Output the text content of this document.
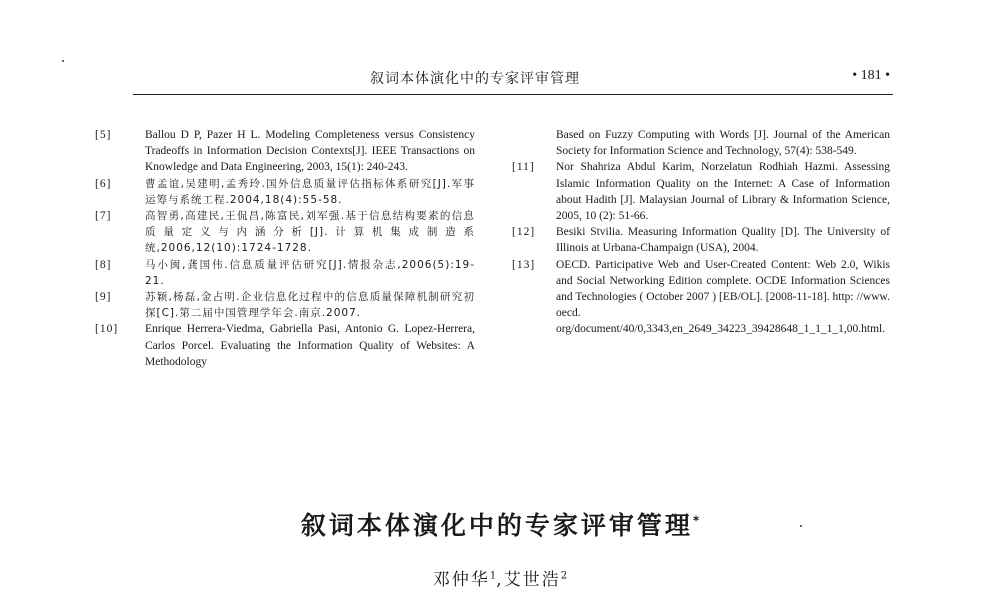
叙词本体演化中的专家评审管理	• 181 •
[5]	Ballou D P, Pazer H L. Modeling Completeness versus Consistency Tradeoffs in Information Decision Contexts[J]. IEEE Transactions on Knowledge and Data Engineering, 2003, 15(1): 240-243.
[6]	曹孟谊,吴建明,孟秀玲.国外信息质量评估指标体系研究[J].军事运筹与系统工程.2004,18(4):55-58.
[7]	高智勇,高建民,王侃昌,陈富民,刘军强.基于信息结构要素的信息质量定义与内涵分析[J].计算机集成制造系统,2006,12(10):1724-1728.
[8]	马小闽,龚国伟.信息质量评估研究[J].情报杂志,2006(5):19-21.
[9]	苏颖,杨磊,金占明.企业信息化过程中的信息质量保障机制研究初探[C].第二届中国管理学年会.南京.2007.
[10]	Enrique Herrera-Viedma, Gabriella Pasi, Antonio G. Lopez-Herrera, Carlos Porcel. Evaluating the Information Quality of Websites: A Methodology
Based on Fuzzy Computing with Words [J]. Journal of the American Society for Information Science and Technology, 57(4): 538-549.
[11]	Nor Shahriza Abdul Karim, Norzelatun Rodhiah Hazmi. Assessing Islamic Information Quality on the Internet: A Case of Information about Hadith [J]. Malaysian Journal of Library & Information Science, 2005, 10 (2): 51-66.
[12]	Besiki Stvilia. Measuring Information Quality [D]. The University of Illinois at Urbana-Champaign (USA), 2004.
[13]	OECD. Participative Web and User-Created Content: Web 2.0, Wikis and Social Networking Edition complete. OCDE Information Sciences and Technologies ( October 2007 ) [EB/OL]. [2008-11-18]. http: //www. oecd. org/document/40/0,3343,en_2649_34223_39428648_1_1_1_1,00.html.
叙词本体演化中的专家评审管理*
邓仲华$^1$,艾世浩$^2$
